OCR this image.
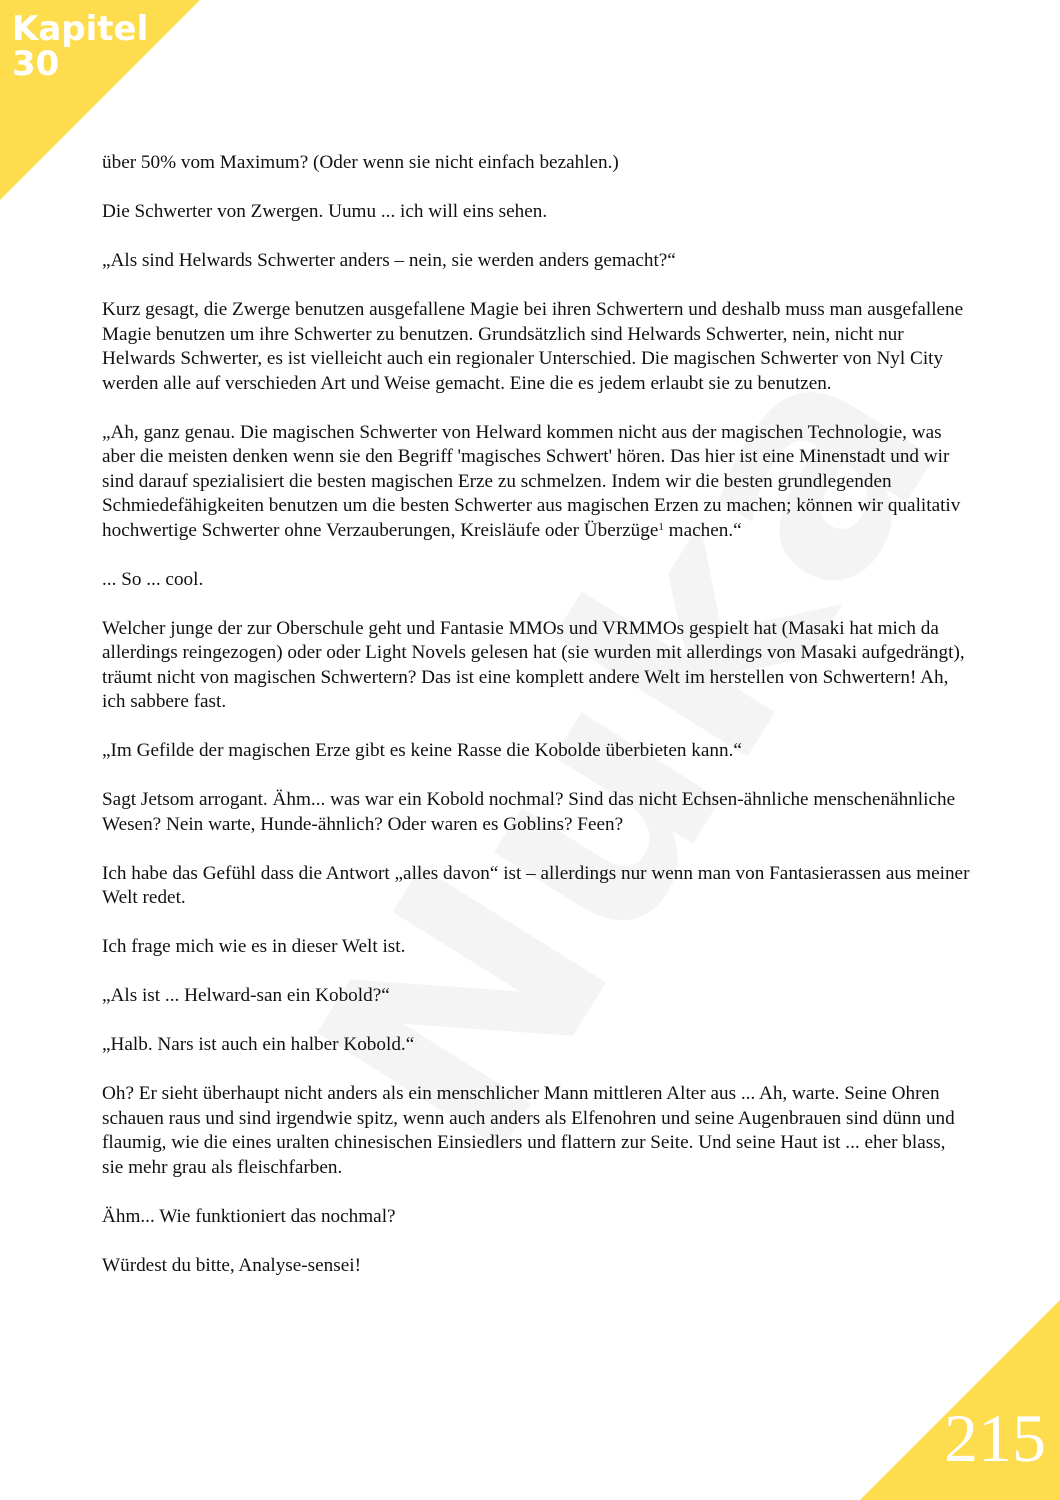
Kapitel
30

über 50% vom Maximum? (Oder wenn sie nicht einfach bezahlen.)

Die Schwerter von Zwergen. Uumu ... ich will eins sehen.

„Als sind Helwards Schwerter anders – nein, sie werden anders gemacht?“

Kurz gesagt, die Zwerge benutzen ausgefallene Magie bei ihren Schwertern und deshalb muss man ausgefallene Magie benutzen um ihre Schwerter zu benutzen. Grundsätzlich sind Helwards Schwerter, nein, nicht nur Helwards Schwerter, es ist vielleicht auch ein regionaler Unterschied. Die magischen Schwerter von Nyl City werden alle auf verschieden Art und Weise gemacht. Eine die es jedem erlaubt sie zu benutzen.

„Ah, ganz genau. Die magischen Schwerter von Helward kommen nicht aus der magischen Technologie, was aber die meisten denken wenn sie den Begriff 'magisches Schwert' hören. Das hier ist eine Minenstadt und wir sind darauf spezialisiert die besten magischen Erze zu schmelzen. Indem wir die besten grundlegenden Schmiedefähigkeiten benutzen um die besten Schwerter aus magischen Erzen zu machen; können wir qualitativ hochwertige Schwerter ohne Verzauberungen, Kreisläufe oder Überzüge$^1$ machen.“

... So ... cool.

Welcher junge der zur Oberschule geht und Fantasie MMOs und VRMMOs gespielt hat (Masaki hat mich da allerdings reingezogen) oder oder Light Novels gelesen hat (sie wurden mit allerdings von Masaki aufgedrängt), träumt nicht von magischen Schwertern? Das ist eine komplett andere Welt im herstellen von Schwertern! Ah, ich sabbere fast.

„Im Gefilde der magischen Erze gibt es keine Rasse die Kobolde überbieten kann.“

Sagt Jetsom arrogant. Ähm... was war ein Kobold nochmal? Sind das nicht Echsen-ähnliche menschenähnliche Wesen? Nein warte, Hunde-ähnlich? Oder waren es Goblins? Feen?

Ich habe das Gefühl dass die Antwort „alles davon“ ist – allerdings nur wenn man von Fantasierassen aus meiner Welt redet.

Ich frage mich wie es in dieser Welt ist.

„Als ist ... Helward-san ein Kobold?“

„Halb. Nars ist auch ein halber Kobold.“

Oh? Er sieht überhaupt nicht anders als ein menschlicher Mann mittleren Alter aus ... Ah, warte. Seine Ohren schauen raus und sind irgendwie spitz, wenn auch anders als Elfenohren und seine Augenbrauen sind dünn und flaumig, wie die eines uralten chinesischen Einsiedlers und flattern zur Seite. Und seine Haut ist ... eher blass, sie mehr grau als fleischfarben.

Ähm... Wie funktioniert das nochmal?

Würdest du bitte, Analyse-sensei!

215
